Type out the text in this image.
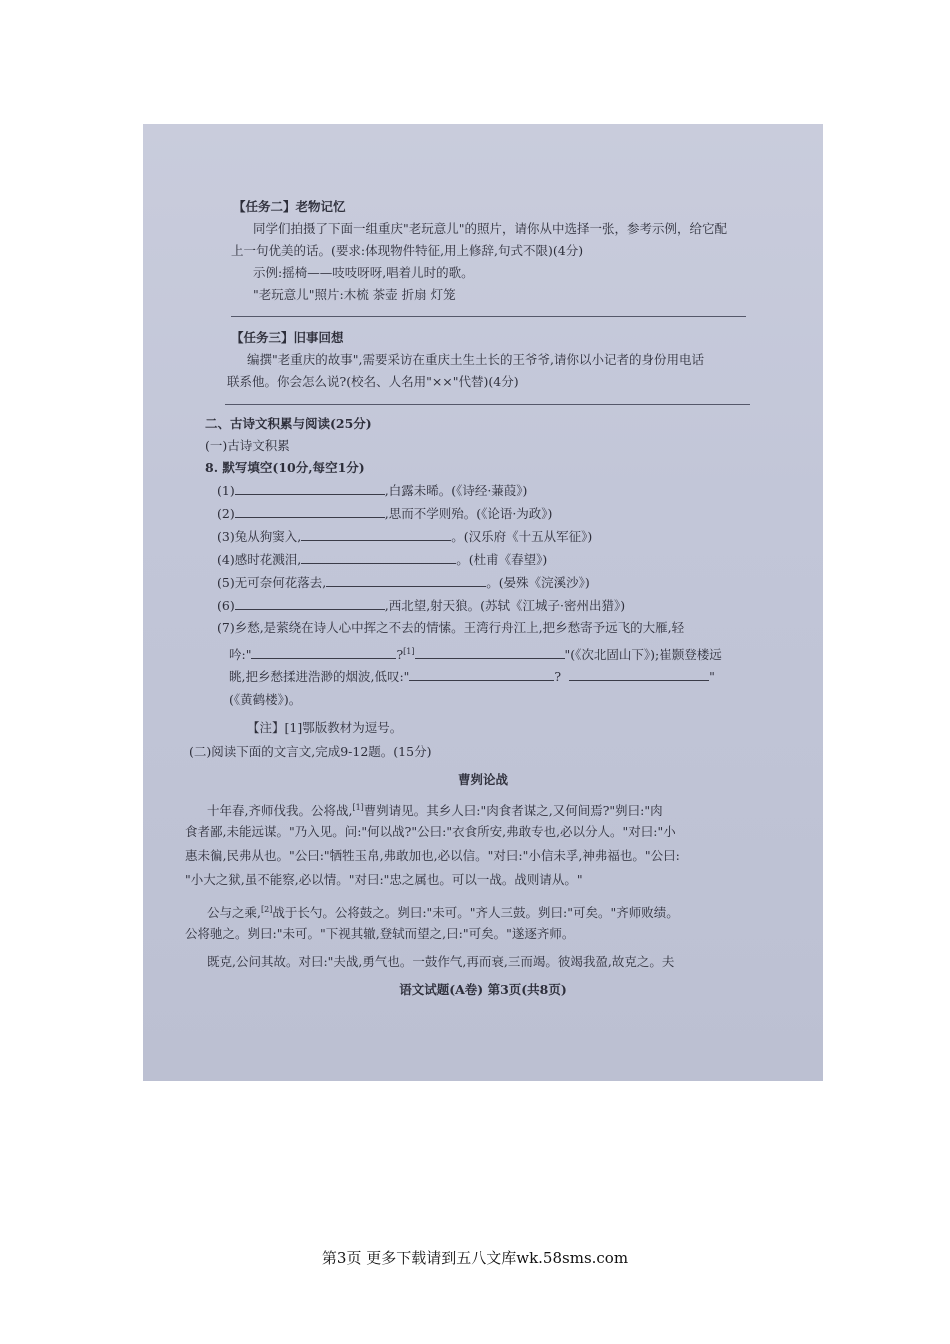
【任务二】老物记忆
同学们拍摄了下面一组重庆"老玩意儿"的照片，请你从中选择一张，参考示例，给它配
上一句优美的话。(要求:体现物件特征,用上修辞,句式不限)(4分)
示例:摇椅——吱吱呀呀,唱着儿时的歌。
"老玩意儿"照片:木梳 茶壶 折扇 灯笼
【任务三】旧事回想
编撰"老重庆的故事",需要采访在重庆土生土长的王爷爷,请你以小记者的身份用电话
联系他。你会怎么说?(校名、人名用"××"代替)(4分)
二、古诗文积累与阅读(25分)
(一)古诗文积累
8. 默写填空(10分,每空1分)
(1)	,白露未晞。(《诗经·蒹葭》)
(2)	,思而不学则殆。(《论语·为政》)
(3)兔从狗窦入,	。(汉乐府《十五从军征》)
(4)感时花溅泪,	。(杜甫《春望》)
(5)无可奈何花落去,	。(晏殊《浣溪沙》)
(6)	,西北望,射天狼。(苏轼《江城子·密州出猎》)
(7)乡愁,是萦绕在诗人心中挥之不去的情愫。王湾行舟江上,把乡愁寄予远飞的大雁,轻
吟:"	?[1]	"(《次北固山下》);崔颢登楼远
眺,把乡愁揉进浩渺的烟波,低叹:"	?	"
(《黄鹤楼》)。
【注】[1]鄂版教材为逗号。
(二)阅读下面的文言文,完成9-12题。(15分)
曹刿论战
十年春,齐师伐我。公将战,[1]曹刿请见。其乡人曰:"肉食者谋之,又何间焉?"刿曰:"肉
食者鄙,未能远谋。"乃入见。问:"何以战?"公曰:"衣食所安,弗敢专也,必以分人。"对曰:"小
惠未徧,民弗从也。"公曰:"牺牲玉帛,弗敢加也,必以信。"对曰:"小信未孚,神弗福也。"公曰:
"小大之狱,虽不能察,必以情。"对曰:"忠之属也。可以一战。战则请从。"
公与之乘,[2]战于长勺。公将鼓之。刿曰:"未可。"齐人三鼓。刿曰:"可矣。"齐师败绩。
公将驰之。刿曰:"未可。"下视其辙,登轼而望之,曰:"可矣。"遂逐齐师。
既克,公问其故。对曰:"夫战,勇气也。一鼓作气,再而衰,三而竭。彼竭我盈,故克之。夫
语文试题(A卷) 第3页(共8页)
第3页 更多下载请到五八文库wk.58sms.com
